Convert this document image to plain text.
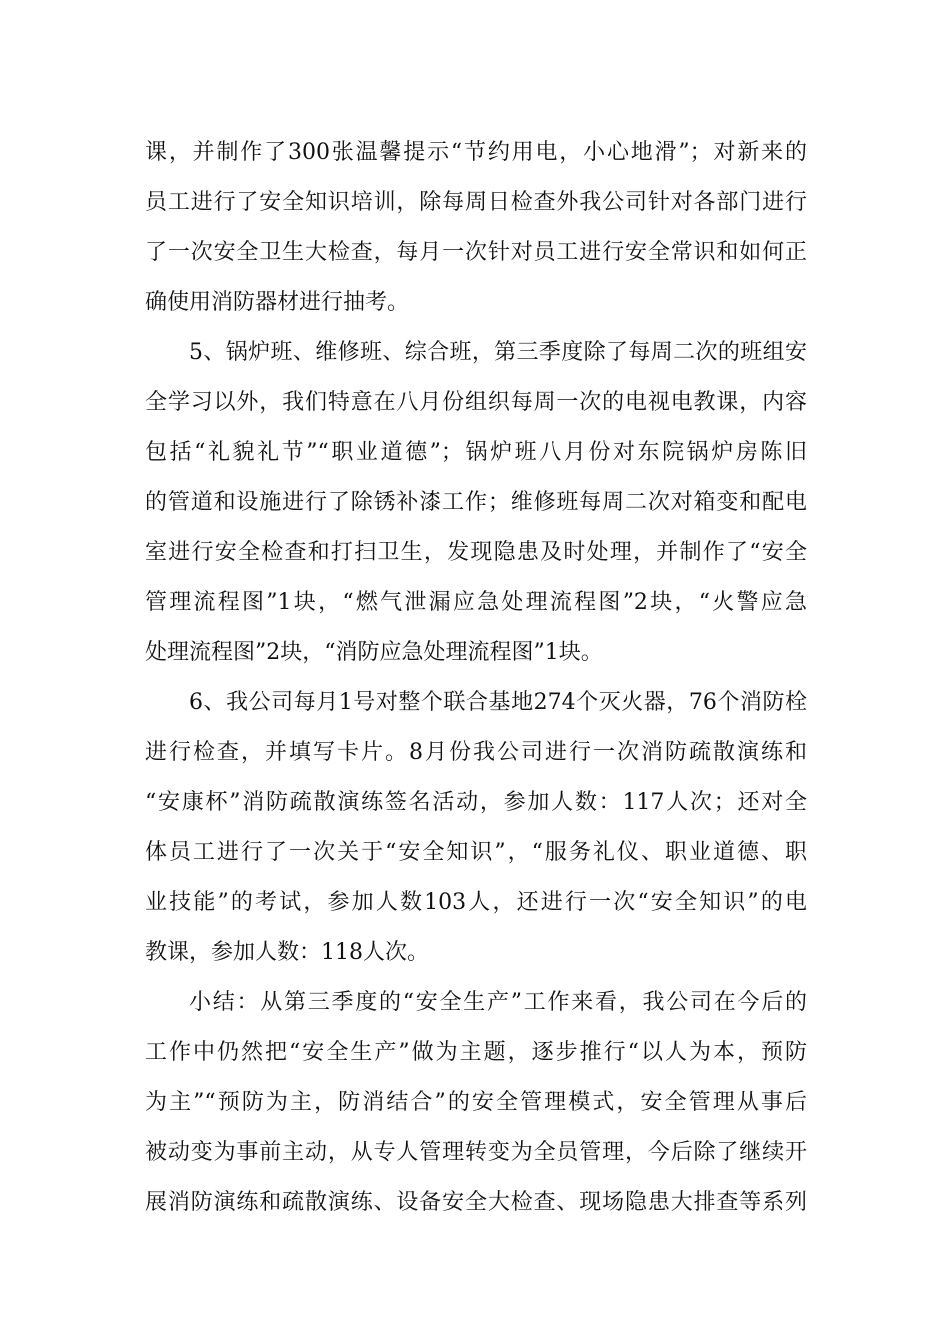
课，并制作了300张温馨提示“节约用电，小心地滑”；对新来的
员工进行了安全知识培训，除每周日检查外我公司针对各部门进行
了一次安全卫生大检查，每月一次针对员工进行安全常识和如何正
确使用消防器材进行抽考。
5、锅炉班、维修班、综合班，第三季度除了每周二次的班组安
全学习以外，我们特意在八月份组织每周一次的电视电教课，内容
包括“礼貌礼节”“职业道德”；锅炉班八月份对东院锅炉房陈旧
的管道和设施进行了除锈补漆工作；维修班每周二次对箱变和配电
室进行安全检查和打扫卫生，发现隐患及时处理，并制作了“安全
管理流程图”1块，“燃气泄漏应急处理流程图”2块，“火警应急
处理流程图”2块，“消防应急处理流程图”1块。
6、我公司每月1号对整个联合基地274个灭火器，76个消防栓
进行检查，并填写卡片。8月份我公司进行一次消防疏散演练和
“安康杯”消防疏散演练签名活动，参加人数：117人次；还对全
体员工进行了一次关于“安全知识”，“服务礼仪、职业道德、职
业技能”的考试，参加人数103人，还进行一次“安全知识”的电
教课，参加人数：118人次。
小结：从第三季度的“安全生产”工作来看，我公司在今后的
工作中仍然把“安全生产”做为主题，逐步推行“以人为本，预防
为主”“预防为主，防消结合”的安全管理模式，安全管理从事后
被动变为事前主动，从专人管理转变为全员管理，今后除了继续开
展消防演练和疏散演练、设备安全大检查、现场隐患大排查等系列
